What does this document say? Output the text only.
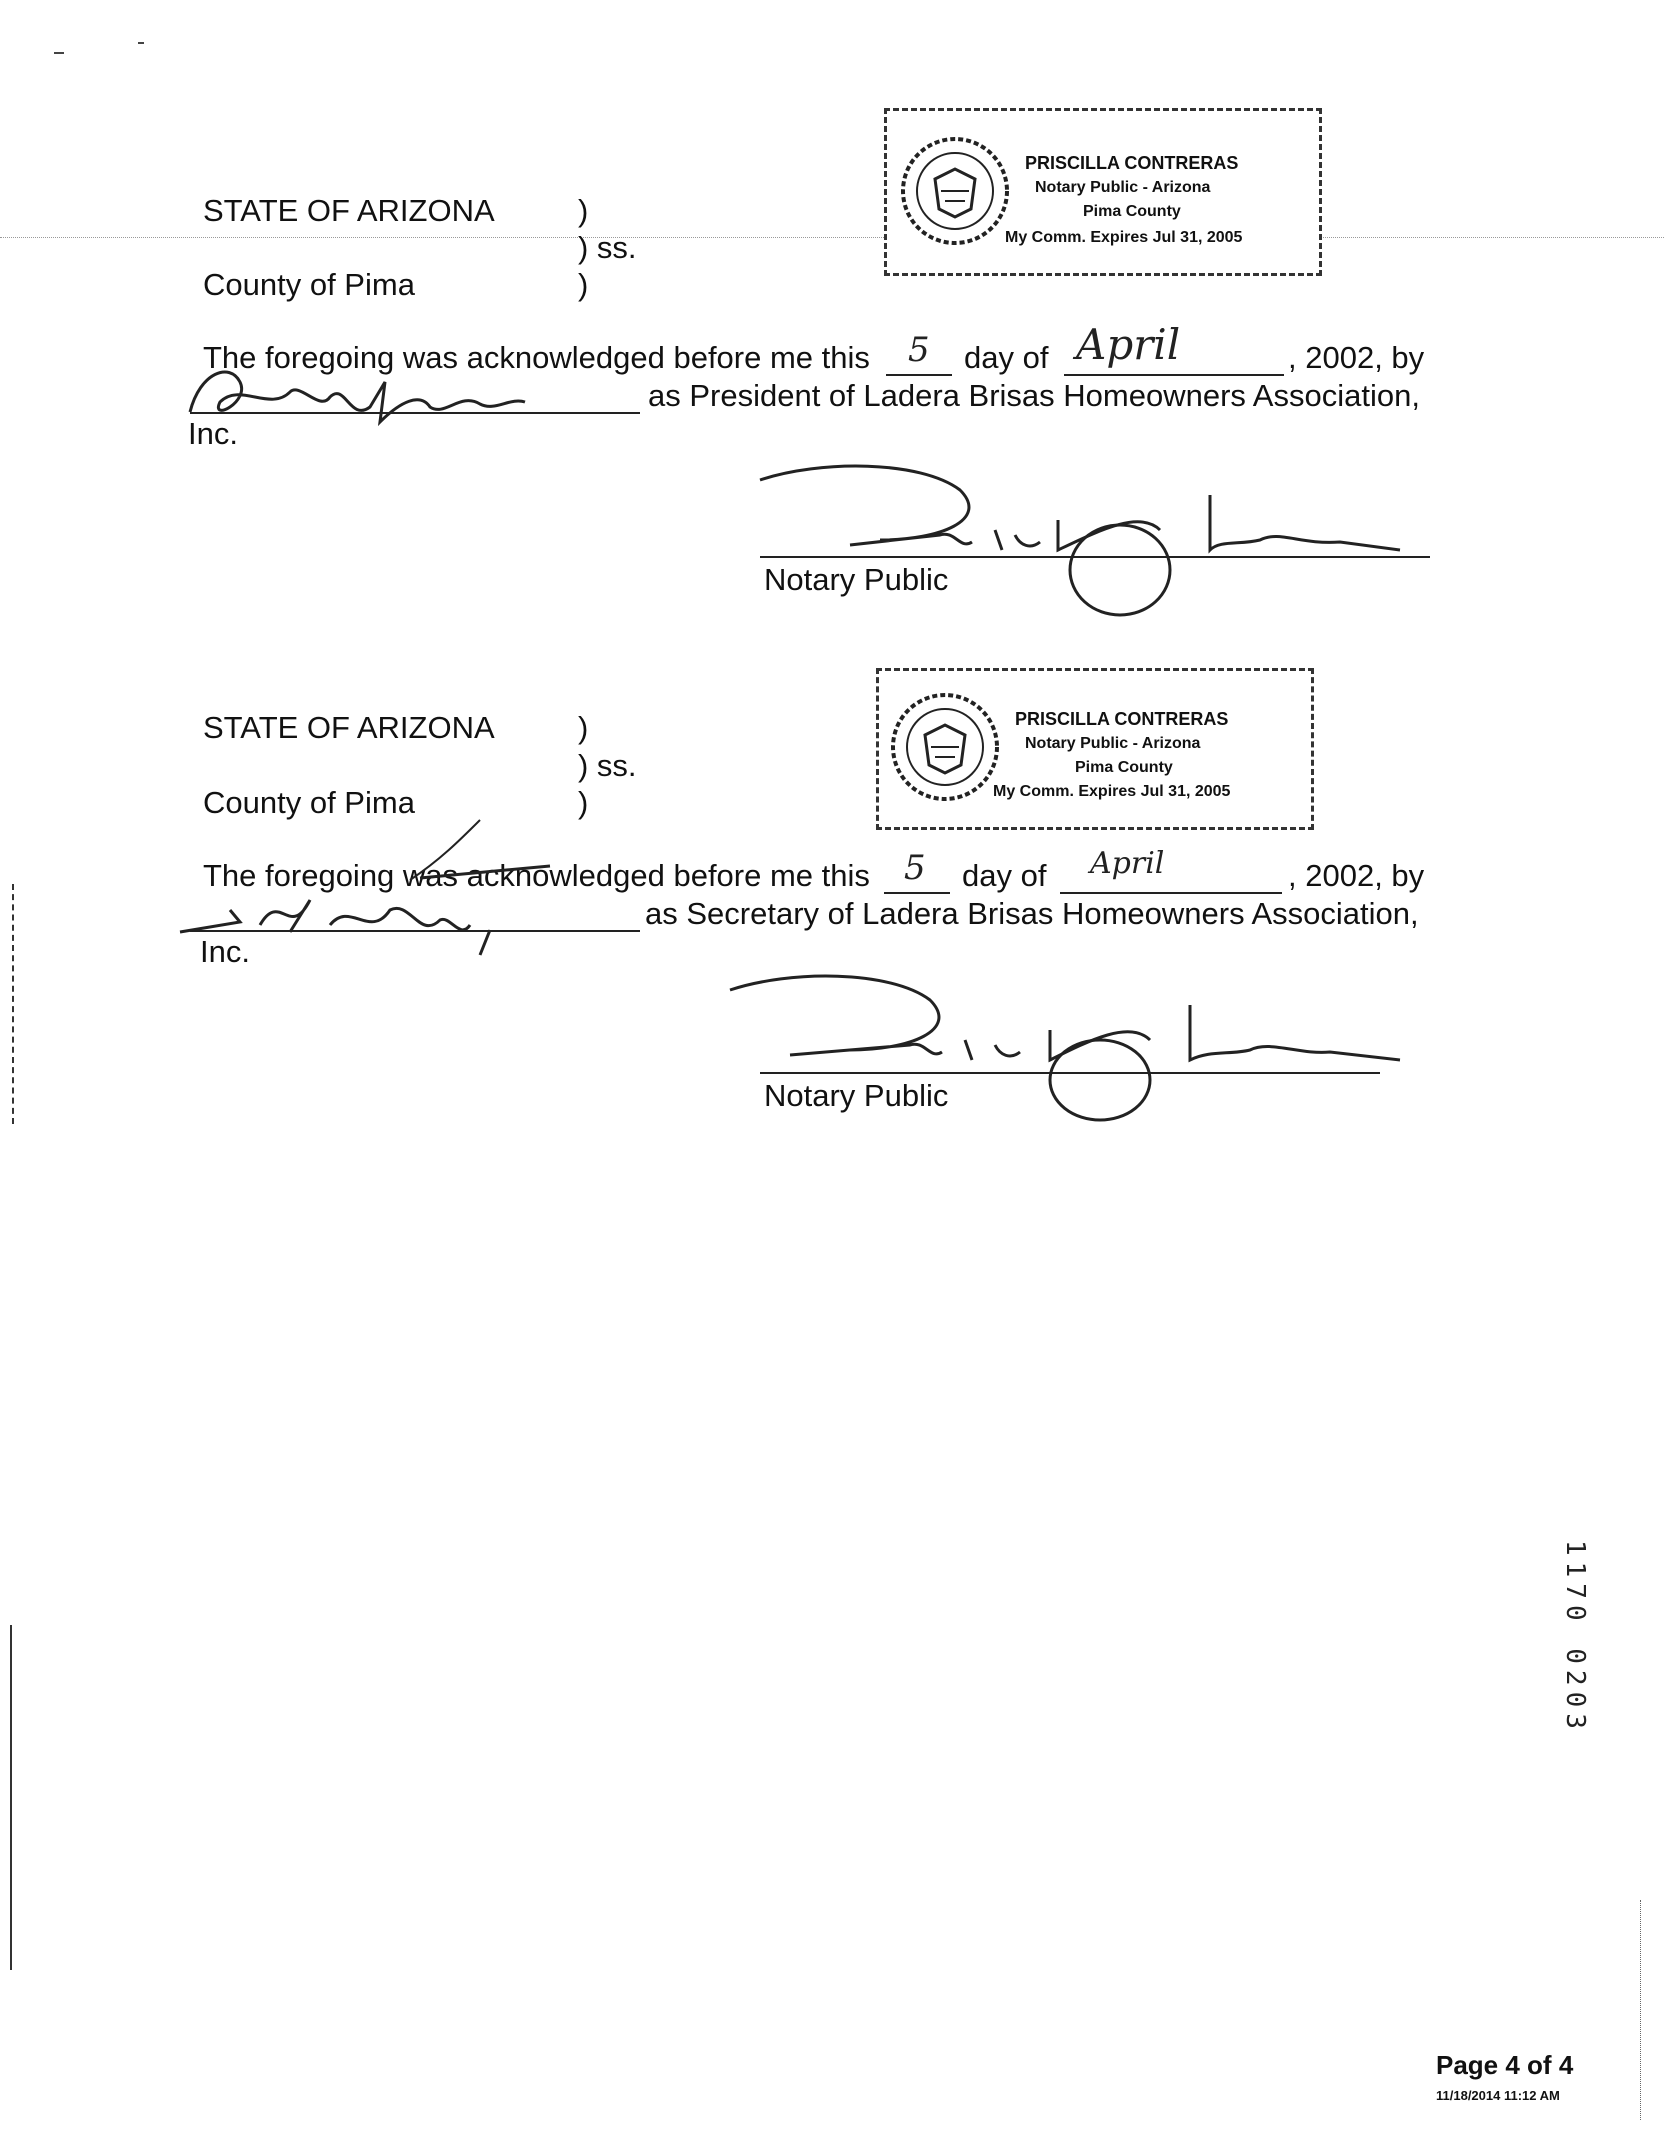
STATE OF ARIZONA	)
) ss.
County of Pima	)
PRISCILLA CONTRERAS
Notary Public - Arizona
Pima County
My Comm. Expires Jul 31, 2005
The foregoing was acknowledged before me this 5 day of April	, 2002, by
as President of Ladera Brisas Homeowners Association,
Inc.
Notary Public
STATE OF ARIZONA	)
) ss.
County of Pima	)
PRISCILLA CONTRERAS
Notary Public - Arizona
Pima County
My Comm. Expires Jul 31, 2005
The foregoing was acknowledged before me this 5 day of April	, 2002, by
as Secretary of Ladera Brisas Homeowners Association,
Inc.
Notary Public
1170 0203
Page 4 of 4
11/18/2014 11:12 AM
